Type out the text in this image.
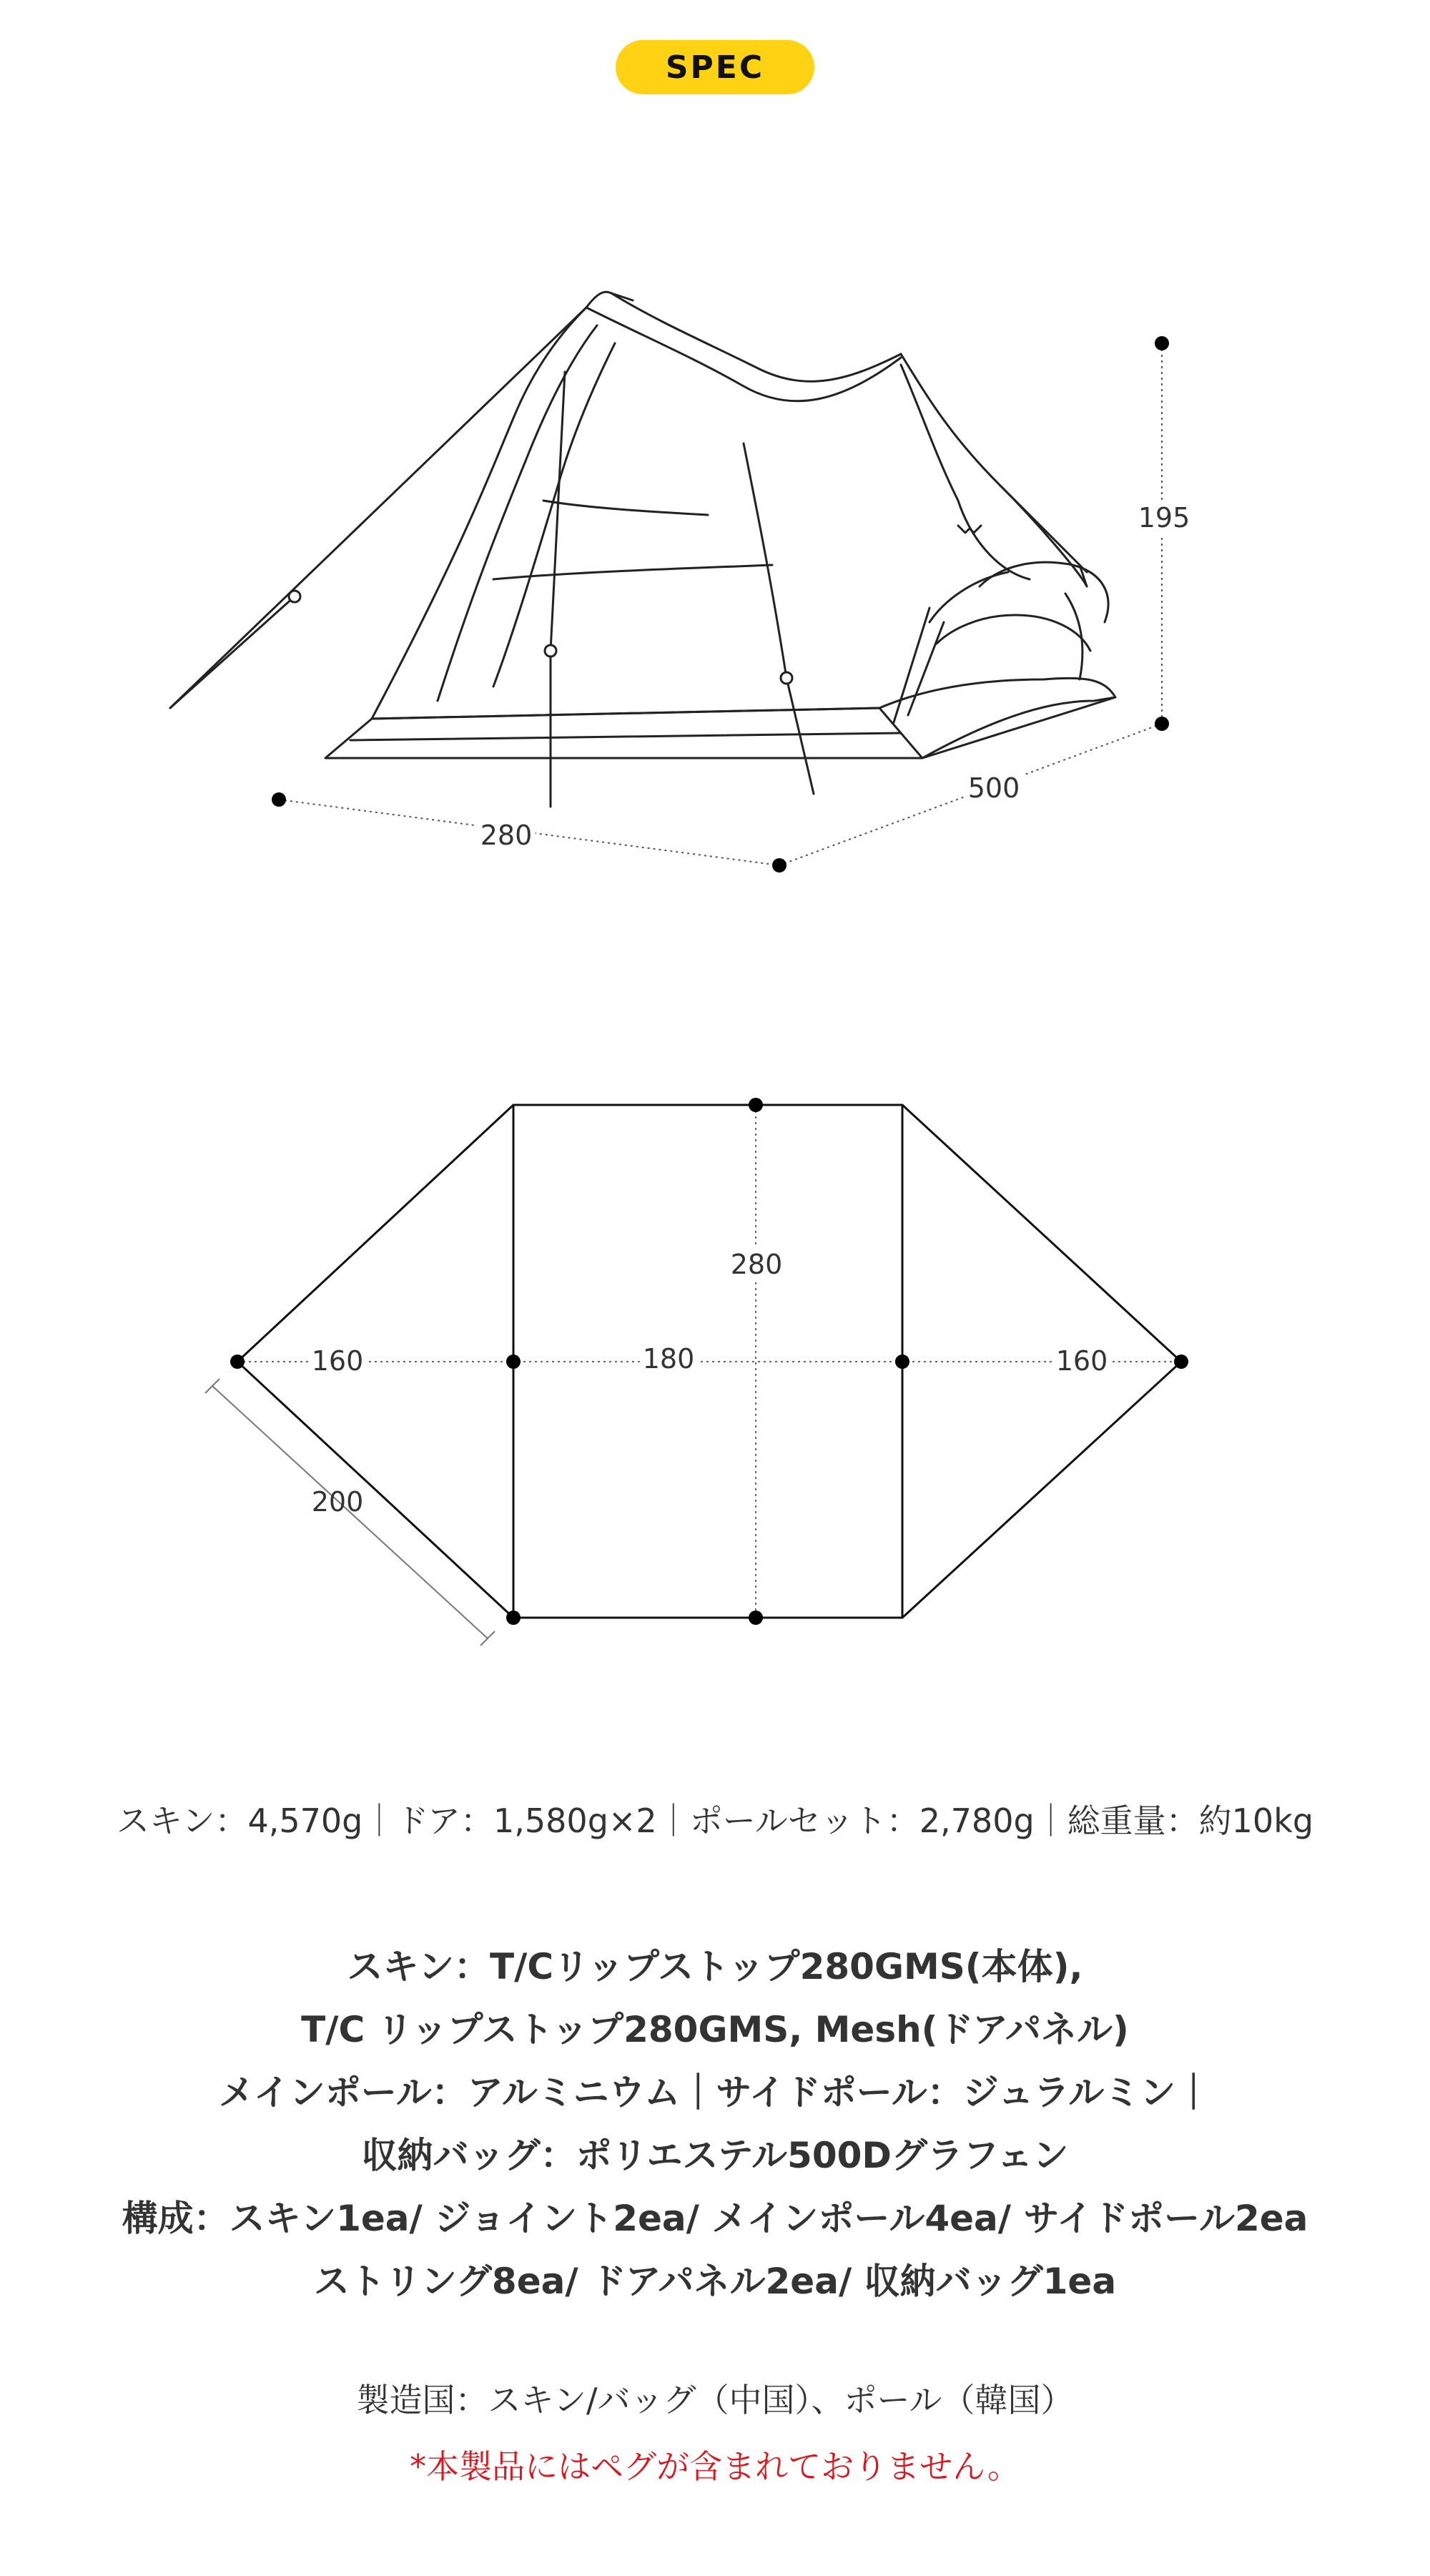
SPEC
195
500
280
280
160	180	160
200
スキン：4,570g｜ドア：1,580g×2｜ポールセット：2,780g｜総重量：約10kg
スキン：T/Cリップストップ280GMS(本体),
T/C リップストップ280GMS, Mesh(ドアパネル)
メインポール：アルミニウム｜サイドポール：ジュラルミン｜
収納バッグ：ポリエステル500Dグラフェン
構成：スキン1ea/ ジョイント2ea/ メインポール4ea/ サイドポール2ea
ストリング8ea/ ドアパネル2ea/ 収納バッグ1ea
製造国：スキン/バッグ（中国）、ポール（韓国）
*本製品にはペグが含まれておりません。
